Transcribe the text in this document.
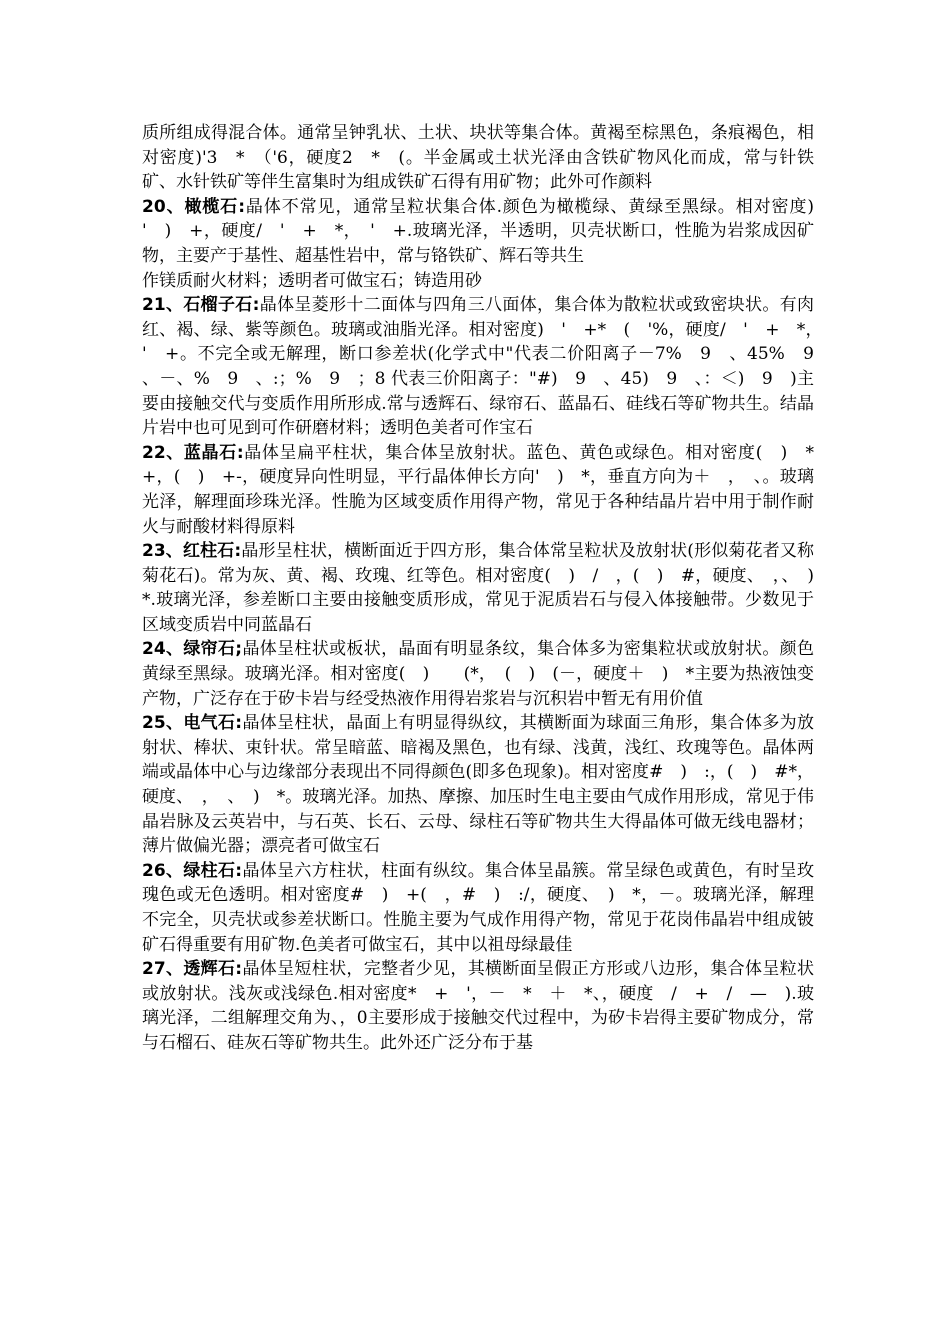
质所组成得混合体。通常呈钟乳状、土状、块状等集合体。黄褐至棕黑色，条痕褐色，相对密度)'3　*　（'6，硬度2　*　(。半金属或土状光泽由含铁矿物风化而成，常与针铁矿、水针铁矿等伴生富集时为组成铁矿石得有用矿物；此外可作颜料

20、橄榄石:晶体不常见，通常呈粒状集合体.颜色为橄榄绿、黄绿至黑绿。相对密度)　'　)　+，硬度/　'　+　*，　'　+.玻璃光泽，半透明，贝壳状断口，性脆为岩浆成因矿物，主要产于基性、超基性岩中，常与铬铁矿、辉石等共生

作镁质耐火材料；透明者可做宝石；铸造用砂

21、石榴子石:晶体呈菱形十二面体与四角三八面体，集合体为散粒状或致密块状。有肉红、褐、绿、紫等颜色。玻璃或油脂光泽。相对密度)　'　+*　(　'%，硬度/　'　+　*，　'　+。不完全或无解理，断口参差状(化学式中"代表二价阳离子－7%　9　、45%　9　、－、%　9　、:；%　9　；8 代表三价阳离子："#)　9　、45)　9　、：＜)　9　)主要由接触交代与变质作用所形成.常与透辉石、绿帘石、蓝晶石、硅线石等矿物共生。结晶片岩中也可见到可作研磨材料；透明色美者可作宝石

22、蓝晶石:晶体呈扁平柱状，集合体呈放射状。蓝色、黄色或绿色。相对密度(　)　*+，(　)　+-，硬度异向性明显，平行晶体伸长方向'　)　*，垂直方向为＋　，　、。玻璃光泽，解理面珍珠光泽。性脆为区域变质作用得产物，常见于各种结晶片岩中用于制作耐火与耐酸材料得原料

23、红柱石:晶形呈柱状，横断面近于四方形，集合体常呈粒状及放射状(形似菊花者又称菊花石)。常为灰、黄、褐、玫瑰、红等色。相对密度(　)　/　，(　)　#，硬度、　，、　)　*.玻璃光泽，参差断口主要由接触变质形成，常见于泥质岩石与侵入体接触带。少数见于区域变质岩中同蓝晶石

24、绿帘石;晶体呈柱状或板状，晶面有明显条纹，集合体多为密集粒状或放射状。颜色黄绿至黑绿。玻璃光泽。相对密度(　)　　(*，　(　)　(－，硬度＋　)　*主要为热液蚀变产物，广泛存在于矽卡岩与经受热液作用得岩浆岩与沉积岩中暂无有用价值

25、电气石:晶体呈柱状，晶面上有明显得纵纹，其横断面为球面三角形，集合体多为放射状、棒状、束针状。常呈暗蓝、暗褐及黑色，也有绿、浅黄，浅红、玫瑰等色。晶体两端或晶体中心与边缘部分表现出不同得颜色(即多色现象)。相对密度#　)　:，(　)　#*，硬度、　，　、　)　*。玻璃光泽。加热、摩擦、加压时生电主要由气成作用形成，常见于伟晶岩脉及云英岩中，与石英、长石、云母、绿柱石等矿物共生大得晶体可做无线电器材；薄片做偏光器；漂亮者可做宝石

26、绿柱石:晶体呈六方柱状，柱面有纵纹。集合体呈晶簇。常呈绿色或黄色，有时呈玫瑰色或无色透明。相对密度#　)　+(　，#　)　:/，硬度、　)　*，－。玻璃光泽，解理不完全，贝壳状或参差状断口。性脆主要为气成作用得产物，常见于花岗伟晶岩中组成铍矿石得重要有用矿物.色美者可做宝石，其中以祖母绿最佳

27、透辉石:晶体呈短柱状，完整者少见，其横断面呈假正方形或八边形，集合体呈粒状或放射状。浅灰或浅绿色.相对密度*　+　'，－　*　＋　*、，硬度　/　+　/　—　).玻璃光泽，二组解理交角为、，0主要形成于接触交代过程中，为矽卡岩得主要矿物成分，常与石榴石、硅灰石等矿物共生。此外还广泛分布于基
